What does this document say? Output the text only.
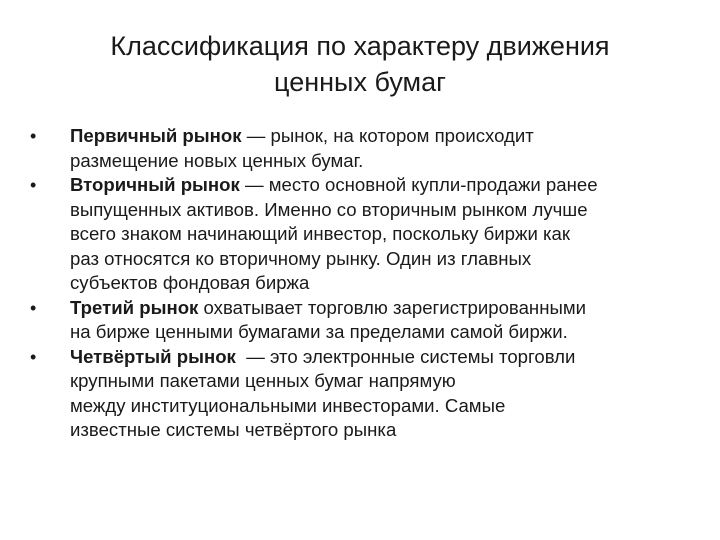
Классификация по характеру движения
ценных бумаг
• Первичный рынок — рынок, на котором происходит
размещение новых ценных бумаг.
• Вторичный рынок — место основной купли-продажи ранее
выпущенных активов. Именно со вторичным рынком лучше
всего знаком начинающий инвестор, поскольку биржи как
раз относятся ко вторичному рынку. Один из главных
субъектов фондовая биржа
• Третий рынок охватывает торговлю зарегистрированными
на бирже ценными бумагами за пределами самой биржи.
• Четвёртый рынок  — это электронные системы торговли
крупными пакетами ценных бумаг напрямую
между институциональными инвесторами. Самые
известные системы четвёртого рынка
